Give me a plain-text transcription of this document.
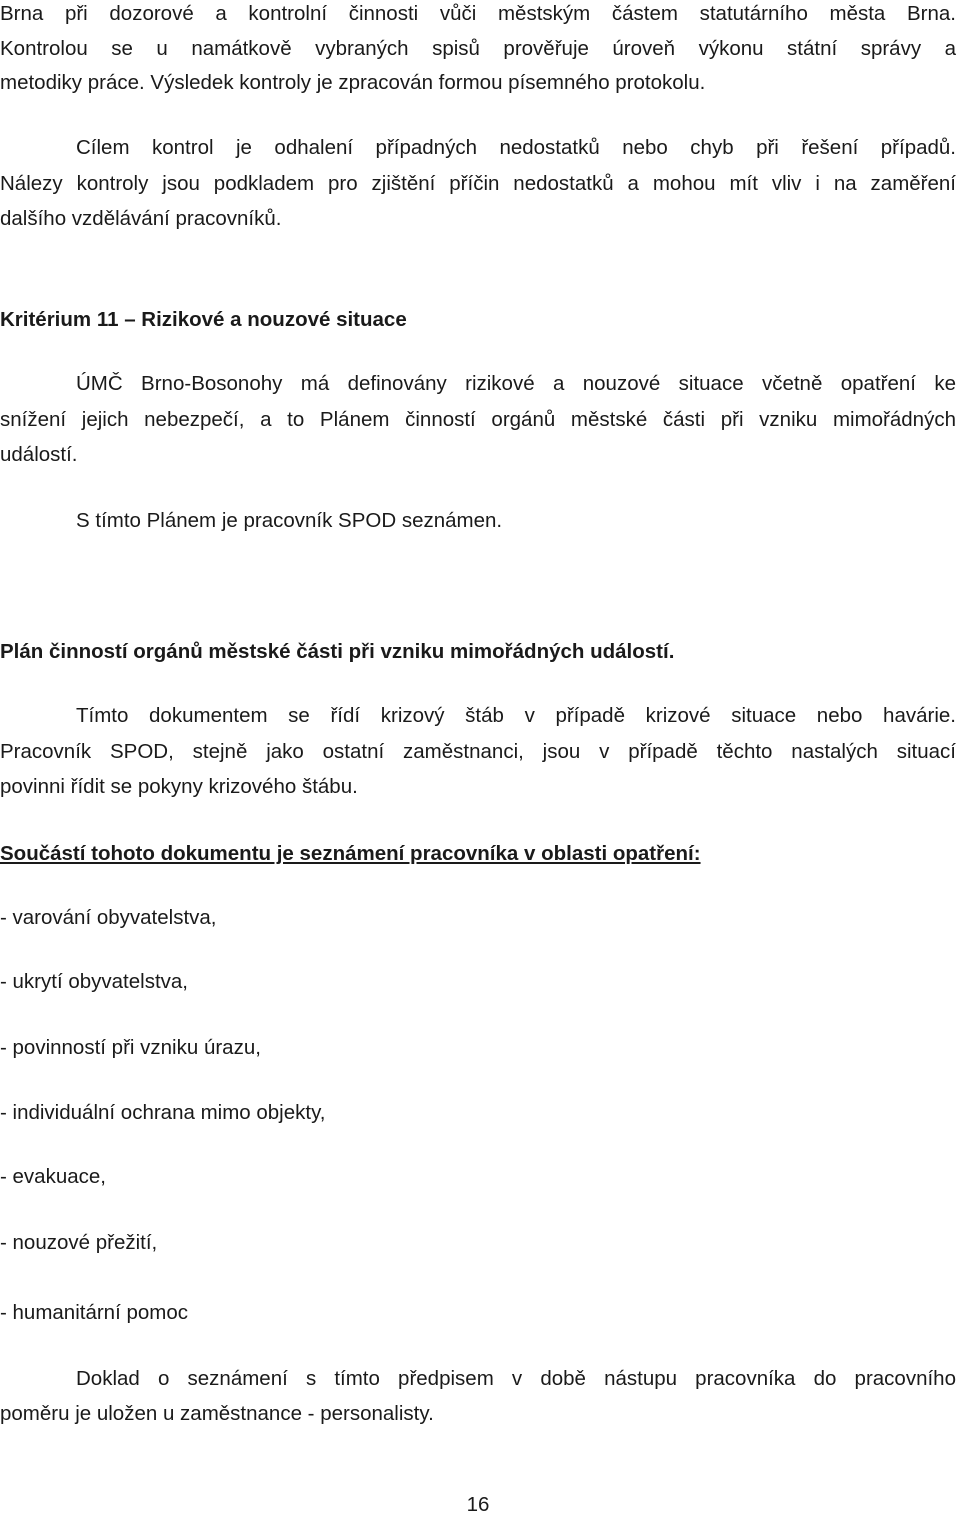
Brna při dozorové a kontrolní činnosti vůči městským částem statutárního města Brna.
Kontrolou se u namátkově vybraných spisů prověřuje úroveň výkonu státní správy a
metodiky práce. Výsledek kontroly je zpracován formou písemného protokolu.
Cílem kontrol je odhalení případných nedostatků nebo chyb při řešení případů.
Nálezy kontroly jsou podkladem pro zjištění příčin nedostatků a mohou mít vliv i na zaměření
dalšího vzdělávání pracovníků.
Kritérium 11 – Rizikové a nouzové situace
ÚMČ Brno-Bosonohy má definovány rizikové a nouzové situace včetně opatření ke
snížení jejich nebezpečí, a to Plánem činností orgánů městské části při vzniku mimořádných
událostí.
S tímto Plánem je pracovník SPOD seznámen.
Plán činností orgánů městské části při vzniku mimořádných událostí.
Tímto dokumentem se řídí krizový štáb v případě krizové situace nebo havárie.
Pracovník SPOD, stejně jako ostatní zaměstnanci, jsou v případě těchto nastalých situací
povinni řídit se pokyny krizového štábu.
Součástí tohoto dokumentu je seznámení pracovníka v oblasti opatření:
- varování obyvatelstva,
- ukrytí obyvatelstva,
- povinností při vzniku úrazu,
- individuální ochrana mimo objekty,
- evakuace,
- nouzové přežití,
- humanitární pomoc
Doklad o seznámení s tímto předpisem v době nástupu pracovníka do pracovního
poměru je uložen u zaměstnance - personalisty.
16
